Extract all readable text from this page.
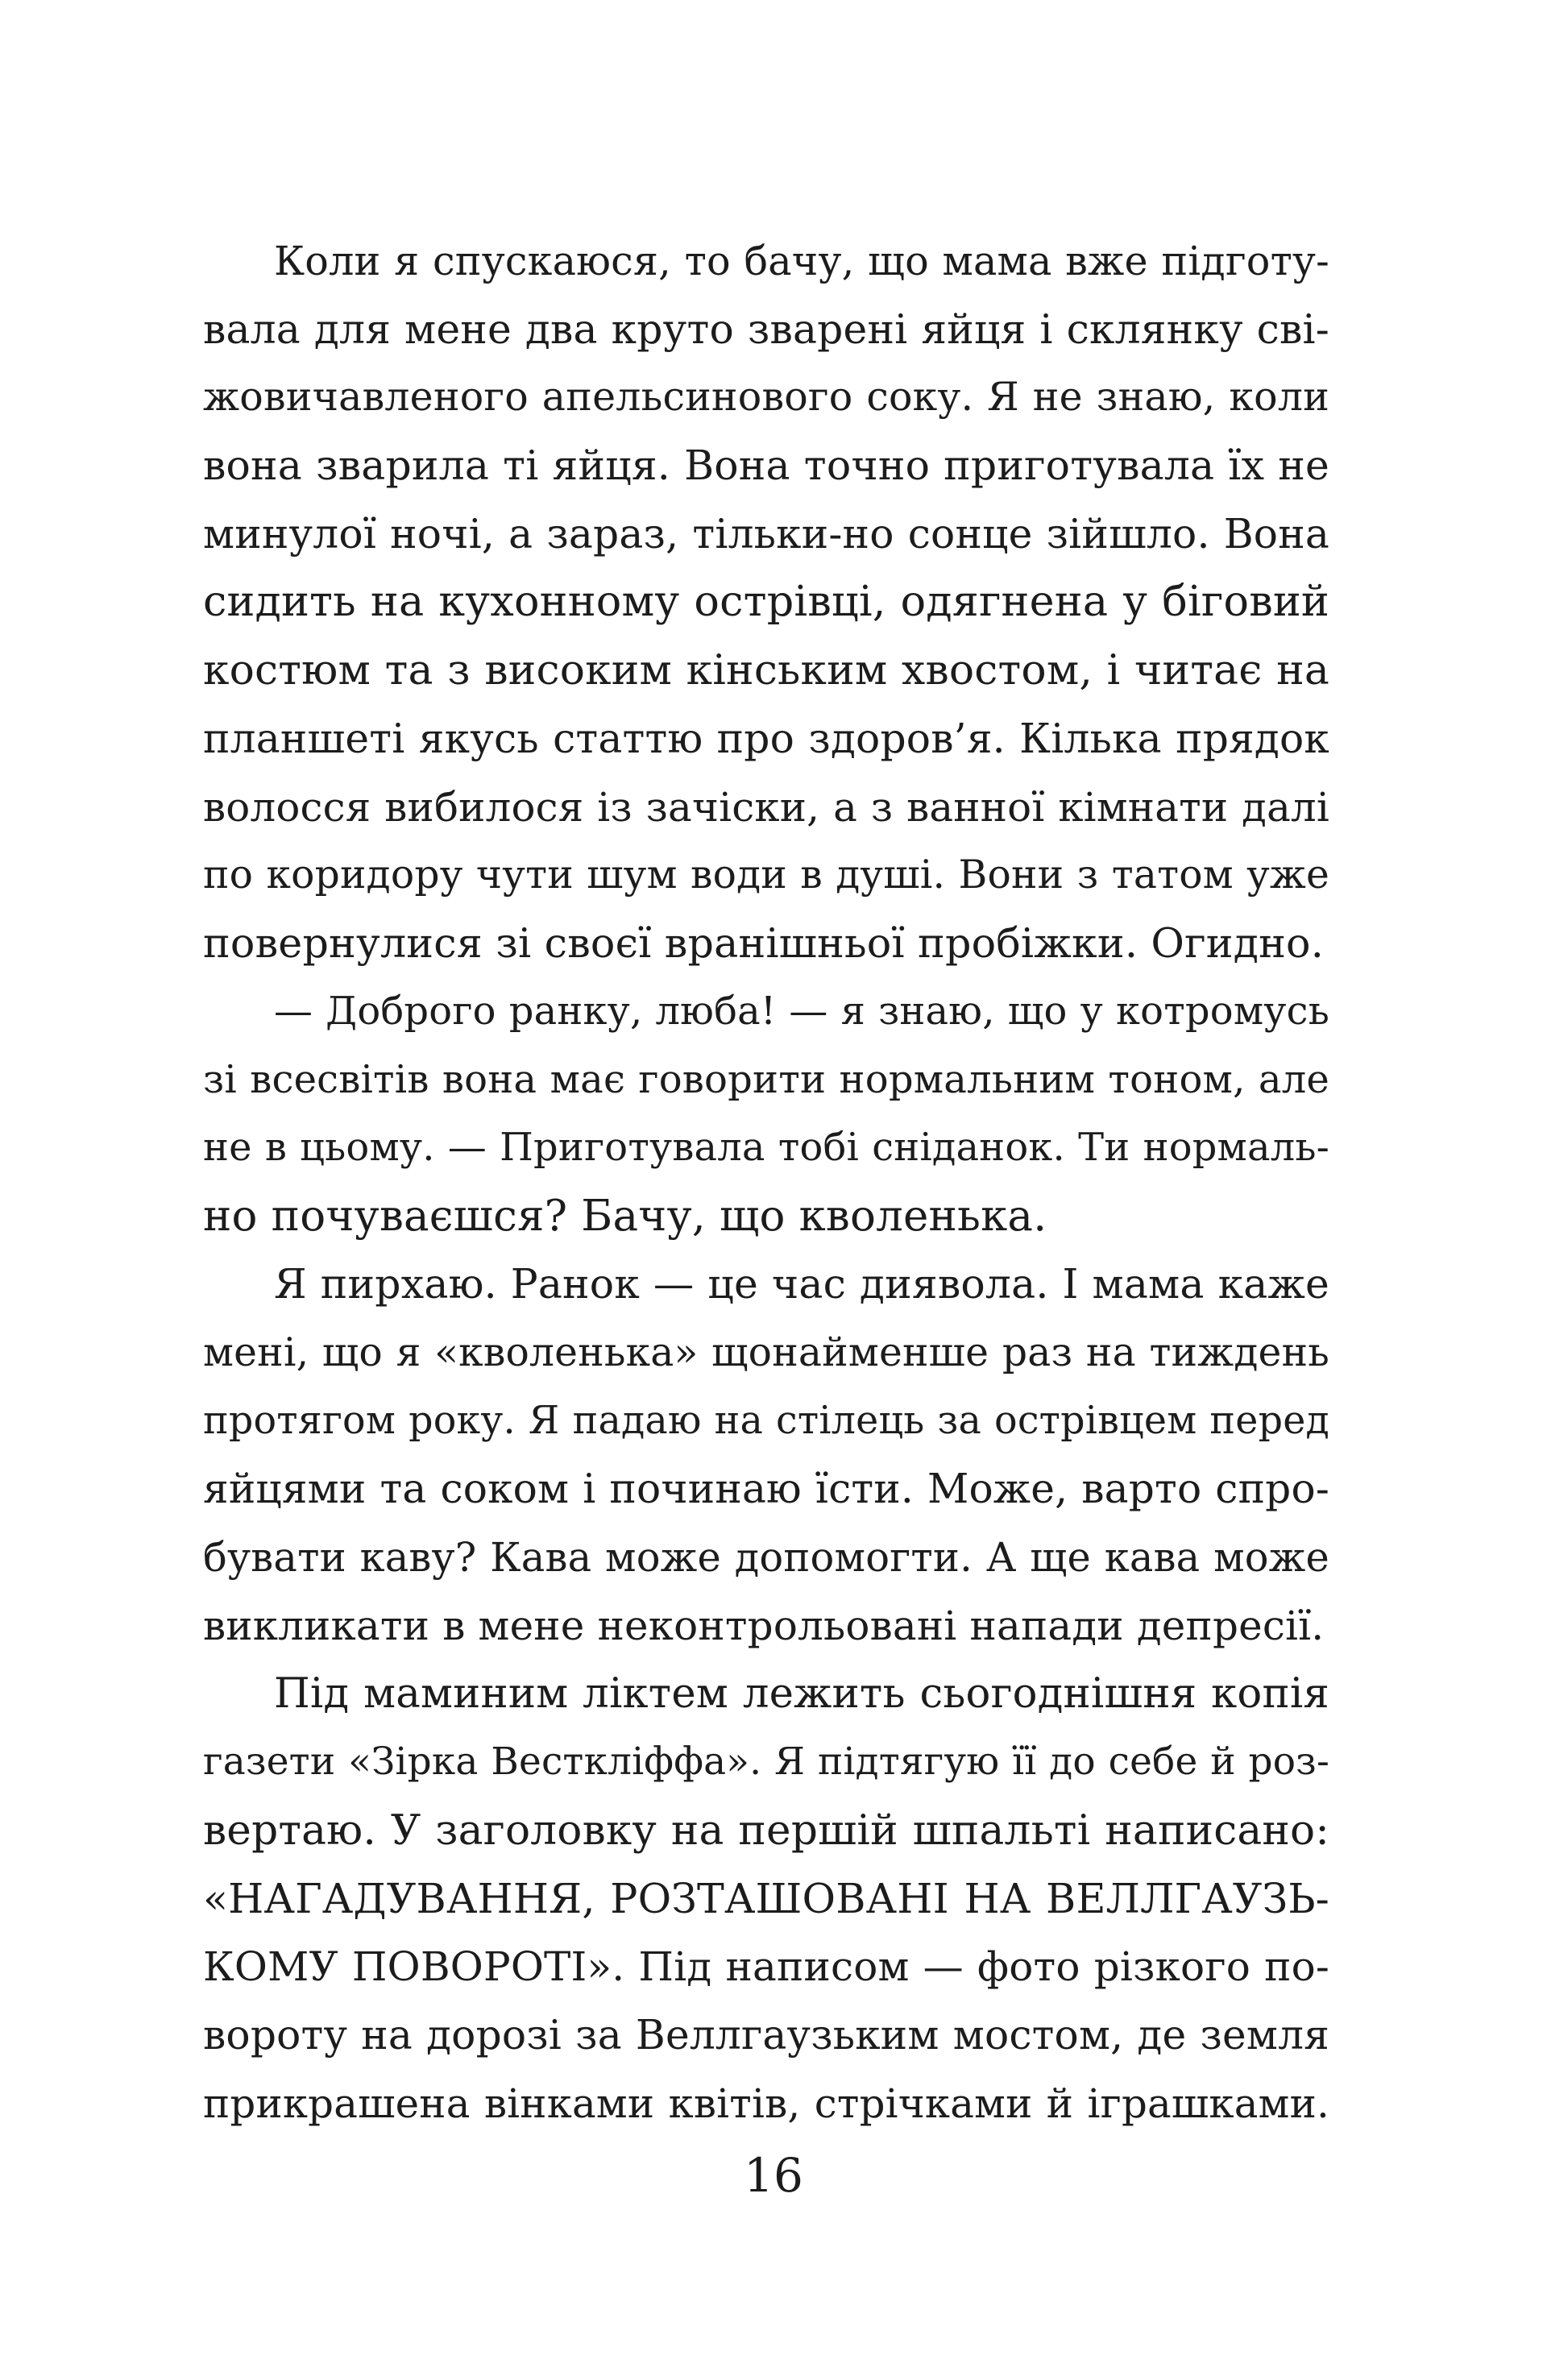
Коли я спускаюся, то бачу, що мама вже підготу-
вала для мене два круто зварені яйця і склянку сві-
жовичавленого апельсинового соку. Я не знаю, коли
вона зварила ті яйця. Вона точно приготувала їх не
минулої ночі, а зараз, тільки-но сонце зійшло. Вона
сидить на кухонному острівці, одягнена у біговий
костюм та з високим кінським хвостом, і читає на
планшеті якусь статтю про здоров’я. Кілька прядок
волосся вибилося із зачіски, а з ванної кімнати далі
по коридору чути шум води в душі. Вони з татом уже
повернулися зі своєї вранішньої пробіжки. Огидно.
— Доброго ранку, люба! — я знаю, що у котромусь
зі всесвітів вона має говорити нормальним тоном, але
не в цьому. — Приготувала тобі сніданок. Ти нормаль-
но почуваєшся? Бачу, що кволенька.
Я пирхаю. Ранок — це час диявола. І мама каже
мені, що я «кволенька» щонайменше раз на тиждень
протягом року. Я падаю на стілець за острівцем перед
яйцями та соком і починаю їсти. Може, варто спро-
бувати каву? Кава може допомогти. А ще кава може
викликати в мене неконтрольовані напади депресії.
Під маминим ліктем лежить сьогоднішня копія
газети «Зірка Весткліффа». Я підтягую її до себе й роз-
вертаю. У заголовку на першій шпальті написано:
«НАГАДУВАННЯ, РОЗТАШОВАНІ НА ВЕЛЛГАУЗЬ-
КОМУ ПОВОРОТІ». Під написом — фото різкого по-
вороту на дорозі за Веллгаузьким мостом, де земля
прикрашена вінками квітів, стрічками й іграшками.
16
